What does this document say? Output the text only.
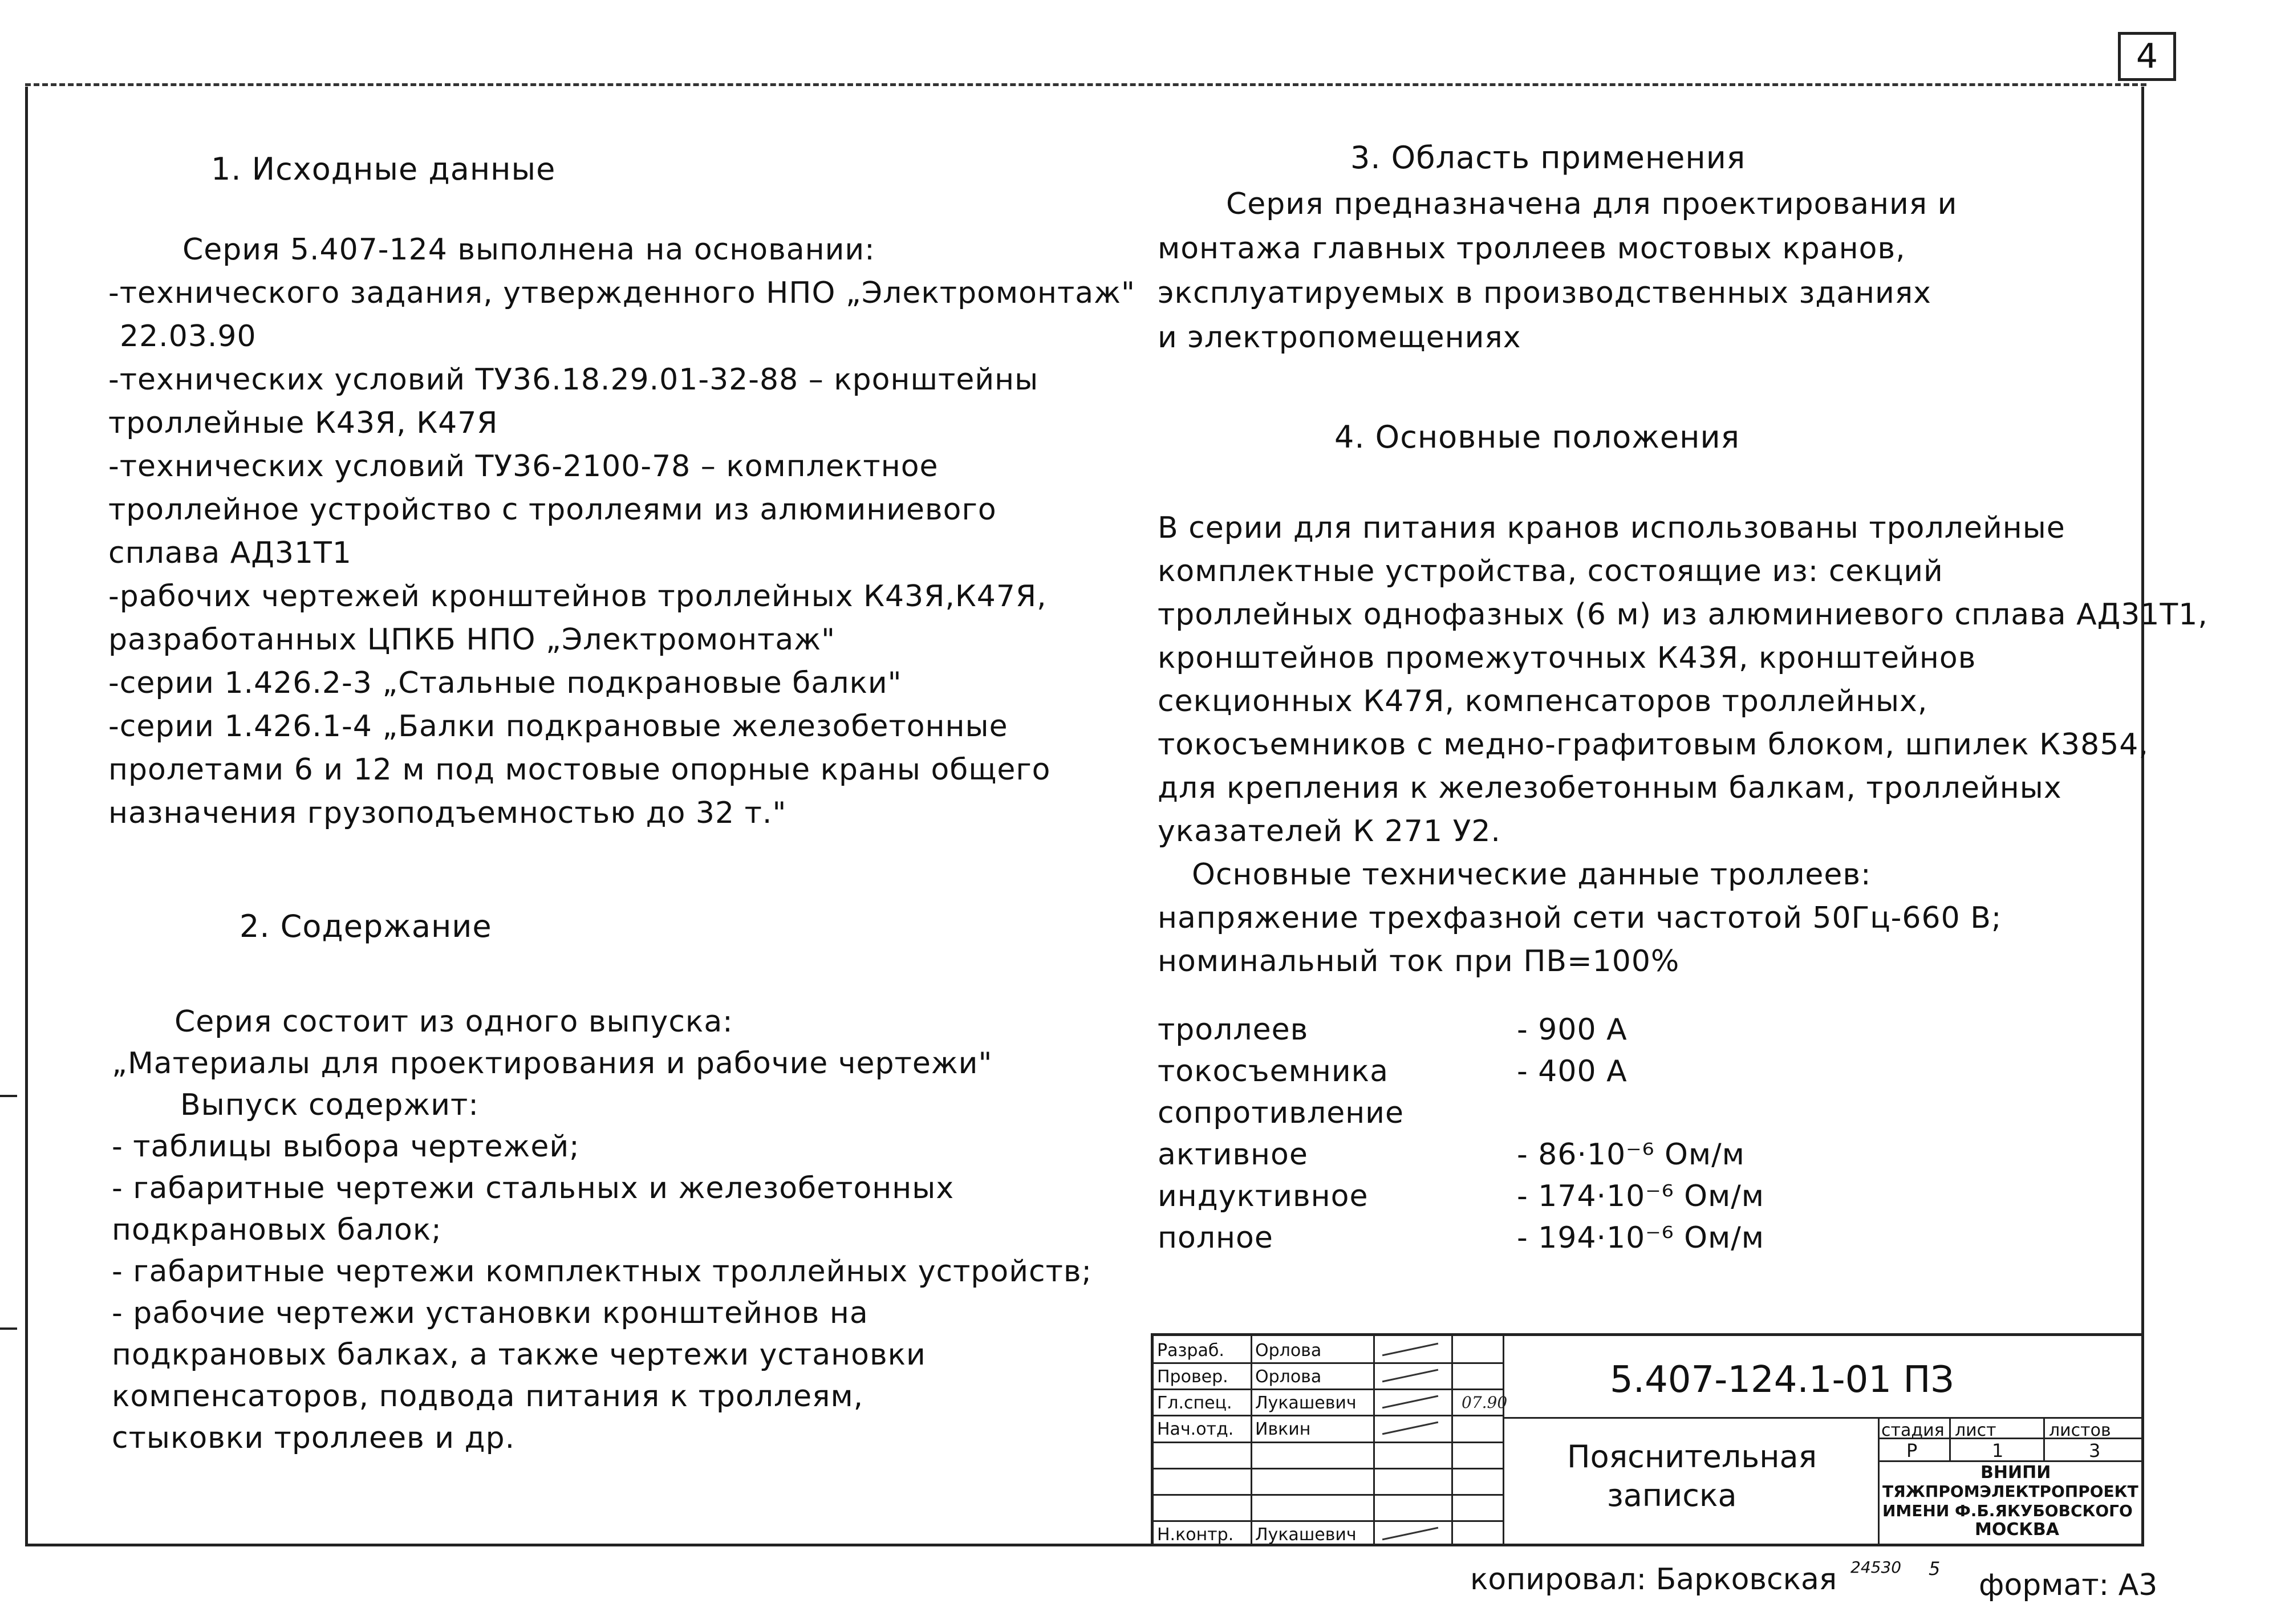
4
1. Исходные данные
Серия 5.407-124 выполнена на основании:
-технического задания, утвержденного НПО „Электромонтаж"
22.03.90
-технических условий ТУ36.18.29.01-32-88 – кронштейны
троллейные К43Я, К47Я
-технических условий ТУ36-2100-78 – комплектное
троллейное устройство с троллеями из алюминиевого
сплава АД31Т1
-рабочих чертежей кронштейнов троллейных К43Я,К47Я,
разработанных ЦПКБ НПО „Электромонтаж"
-серии 1.426.2-3 „Стальные подкрановые балки"
-серии 1.426.1-4 „Балки подкрановые железобетонные
пролетами 6 и 12 м под мостовые опорные краны общего
назначения грузоподъемностью до 32 т."
2. Содержание
Серия состоит из одного выпуска:
„Материалы для проектирования и рабочие чертежи"
Выпуск содержит:
- таблицы выбора чертежей;
- габаритные чертежи стальных и железобетонных
подкрановых балок;
- габаритные чертежи комплектных троллейных устройств;
- рабочие чертежи установки кронштейнов на
подкрановых балках, а также чертежи установки
компенсаторов, подвода питания к троллеям,
стыковки троллеев и др.
3. Область применения
Серия предназначена для проектирования и
монтажа главных троллеев мостовых кранов,
эксплуатируемых в производственных зданиях
и электропомещениях
4. Основные положения
В серии для питания кранов использованы троллейные
комплектные устройства, состоящие из: секций
троллейных однофазных (6 м) из алюминиевого сплава АД31Т1,
кронштейнов промежуточных К43Я, кронштейнов
секционных К47Я, компенсаторов троллейных,
токосъемников с медно-графитовым блоком, шпилек К3854,
для крепления к железобетонным балкам, троллейных
указателей К 271 У2.
Основные технические данные троллеев:
напряжение трехфазной сети частотой 50Гц-660 В;
номинальный ток при ПВ=100%
троллеев	- 900 А
токосъемника	- 400 А
сопротивление
активное	- 86·10⁻⁶ Ом/м
индуктивное	- 174·10⁻⁶ Ом/м
полное	- 194·10⁻⁶ Ом/м
Разраб. Орлова
Провер. Орлова
Гл.спец. Лукашевич
Нач.отд. Ивкин
Н.контр. Лукашевич
07.90
5.407-124.1-01 ПЗ
Пояснительная
записка
стадия лист	листов
Р	1	3
ВНИПИ
ТЯЖПРОМЭЛЕКТРОПРОЕКТ
ИМЕНИ Ф.Б.ЯКУБОВСКОГО
МОСКВА
копировал: Барковская 24530 5 формат: А3
